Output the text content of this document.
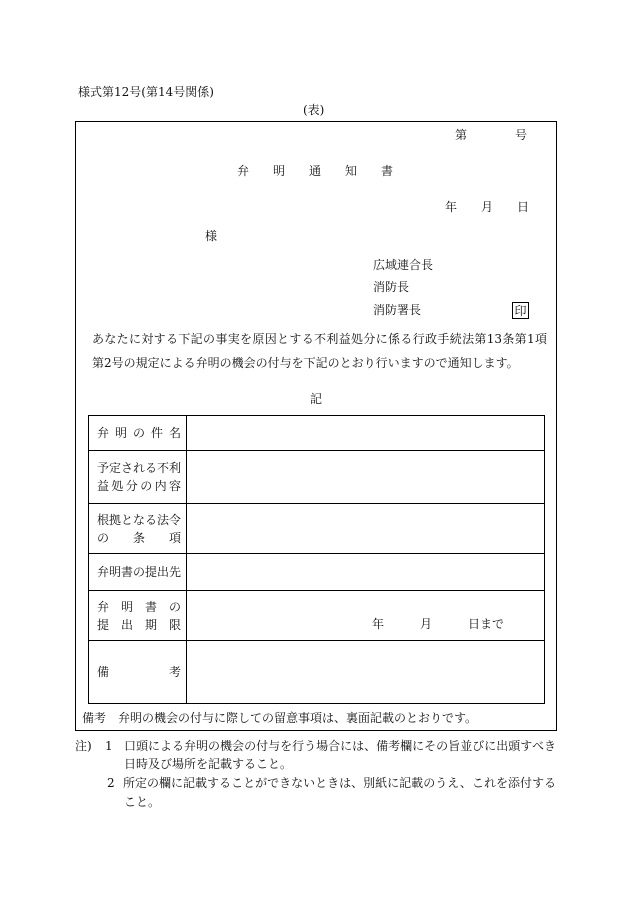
様式第12号(第14号関係)
(表)
第　　　　号
弁　　明　　通　　知　　書
年　　月　　日
様
広域連合長
消防長
消防署長	印
あなたに対する下記の事実を原因とする不利益処分に係る行政手続法第13条第1項
第2号の規定による弁明の機会の付与を下記のとおり行いますので通知します。
記
弁 明 の 件 名	

予定される不利
益処分の内容	

根拠となる法令
の　　条　　項	

弁明書の提出先	

弁　明　書　の
提　出　期　限	年　　　月　　　日まで

備　　　　　考	

備考　弁明の機会の付与に際しての留意事項は、裏面記載のとおりです。
注) 1 口頭による弁明の機会の付与を行う場合には、備考欄にその旨並びに出頭すべき
日時及び場所を記載すること。
2 所定の欄に記載することができないときは、別紙に記載のうえ、これを添付する
こと。
